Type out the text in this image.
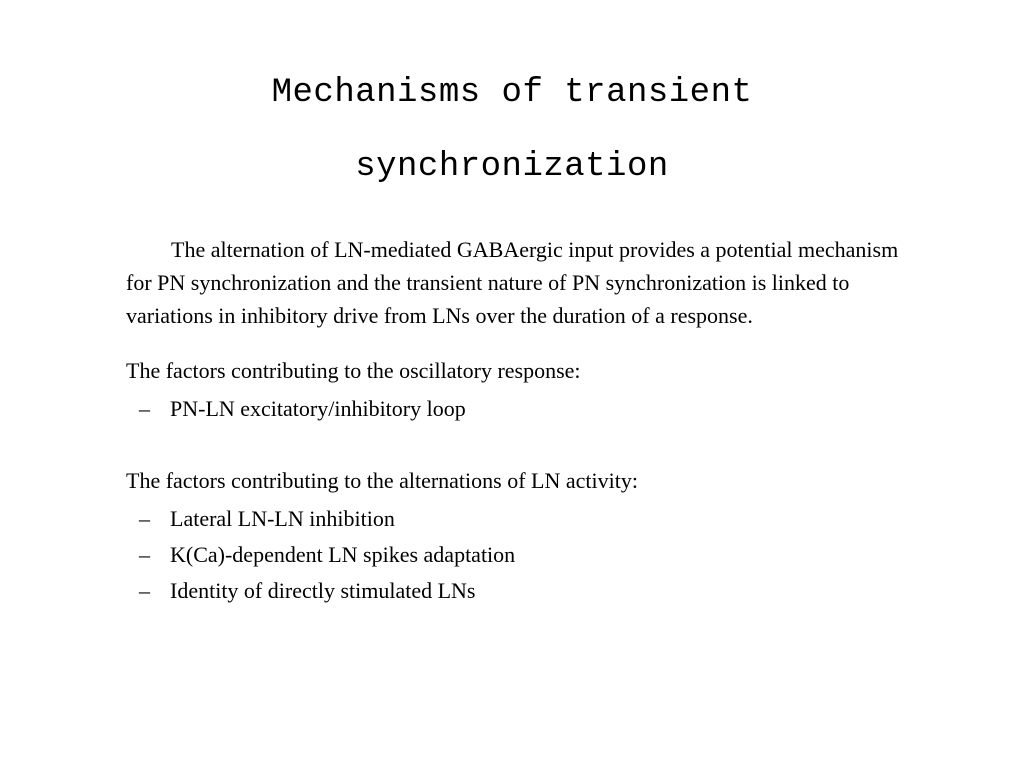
Mechanisms of transient
synchronization

The alternation of LN-mediated GABAergic input provides a potential mechanism for PN synchronization and the transient nature of PN synchronization is linked to variations in inhibitory drive from LNs over the duration of a response.

The factors contributing to the oscillatory response:

– PN-LN excitatory/inhibitory loop

The factors contributing to the alternations of LN activity:

– Lateral LN-LN inhibition
– K(Ca)-dependent LN spikes adaptation
– Identity of directly stimulated LNs
